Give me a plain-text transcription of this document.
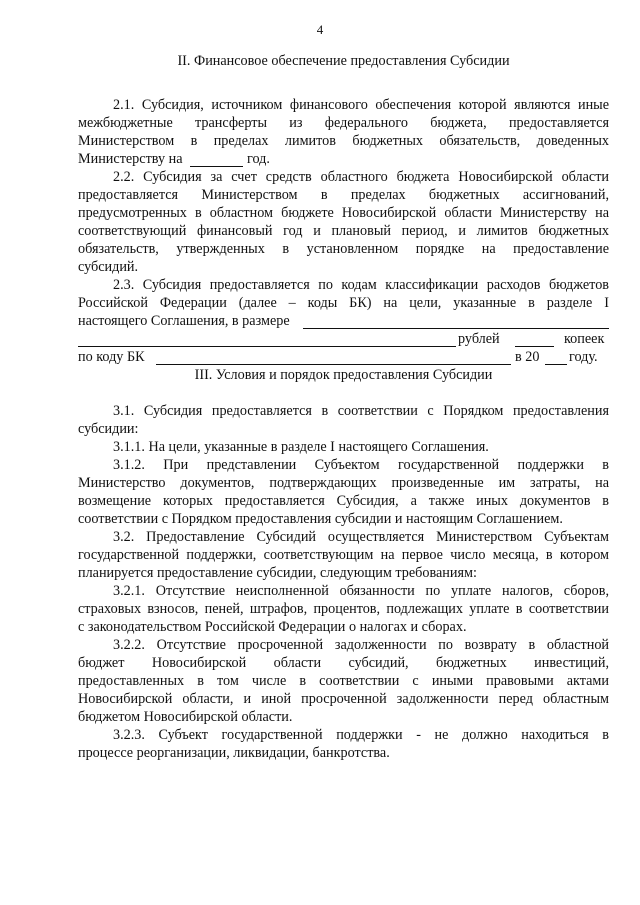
4
II. Финансовое обеспечение предоставления Субсидии
2.1. Субсидия, источником финансового обеспечения которой являются иные
межбюджетные трансферты из федерального бюджета, предоставляется
Министерством в пределах лимитов бюджетных обязательств, доведенных
Министерству на	год.
2.2. Субсидия за счет средств областного бюджета Новосибирской области
предоставляется Министерством в пределах бюджетных ассигнований,
предусмотренных в областном бюджете Новосибирской области Министерству на
соответствующий финансовый год и плановый период, и лимитов бюджетных
обязательств, утвержденных в установленном порядке на предоставление
субсидий.
2.3. Субсидия предоставляется по кодам классификации расходов бюджетов
Российской Федерации (далее – коды БК) на цели, указанные в разделе I
настоящего Соглашения, в размере
рублей	копеек
по коду БК	в 20 году.
III. Условия и порядок предоставления Субсидии
3.1. Субсидия предоставляется в соответствии с Порядком предоставления
субсидии:
3.1.1. На цели, указанные в разделе I настоящего Соглашения.
3.1.2. При представлении Субъектом государственной поддержки в
Министерство документов, подтверждающих произведенные им затраты, на
возмещение которых предоставляется Субсидия, а также иных документов в
соответствии с Порядком предоставления субсидии и настоящим Соглашением.
3.2. Предоставление Субсидий осуществляется Министерством Субъектам
государственной поддержки, соответствующим на первое число месяца, в котором
планируется предоставление субсидии, следующим требованиям:
3.2.1. Отсутствие неисполненной обязанности по уплате налогов, сборов,
страховых взносов, пеней, штрафов, процентов, подлежащих уплате в соответствии
с законодательством Российской Федерации о налогах и сборах.
3.2.2. Отсутствие просроченной задолженности по возврату в областной
бюджет Новосибирской области субсидий, бюджетных инвестиций,
предоставленных в том числе в соответствии с иными правовыми актами
Новосибирской области, и иной просроченной задолженности перед областным
бюджетом Новосибирской области.
3.2.3. Субъект государственной поддержки - не должно находиться в
процессе реорганизации, ликвидации, банкротства.
